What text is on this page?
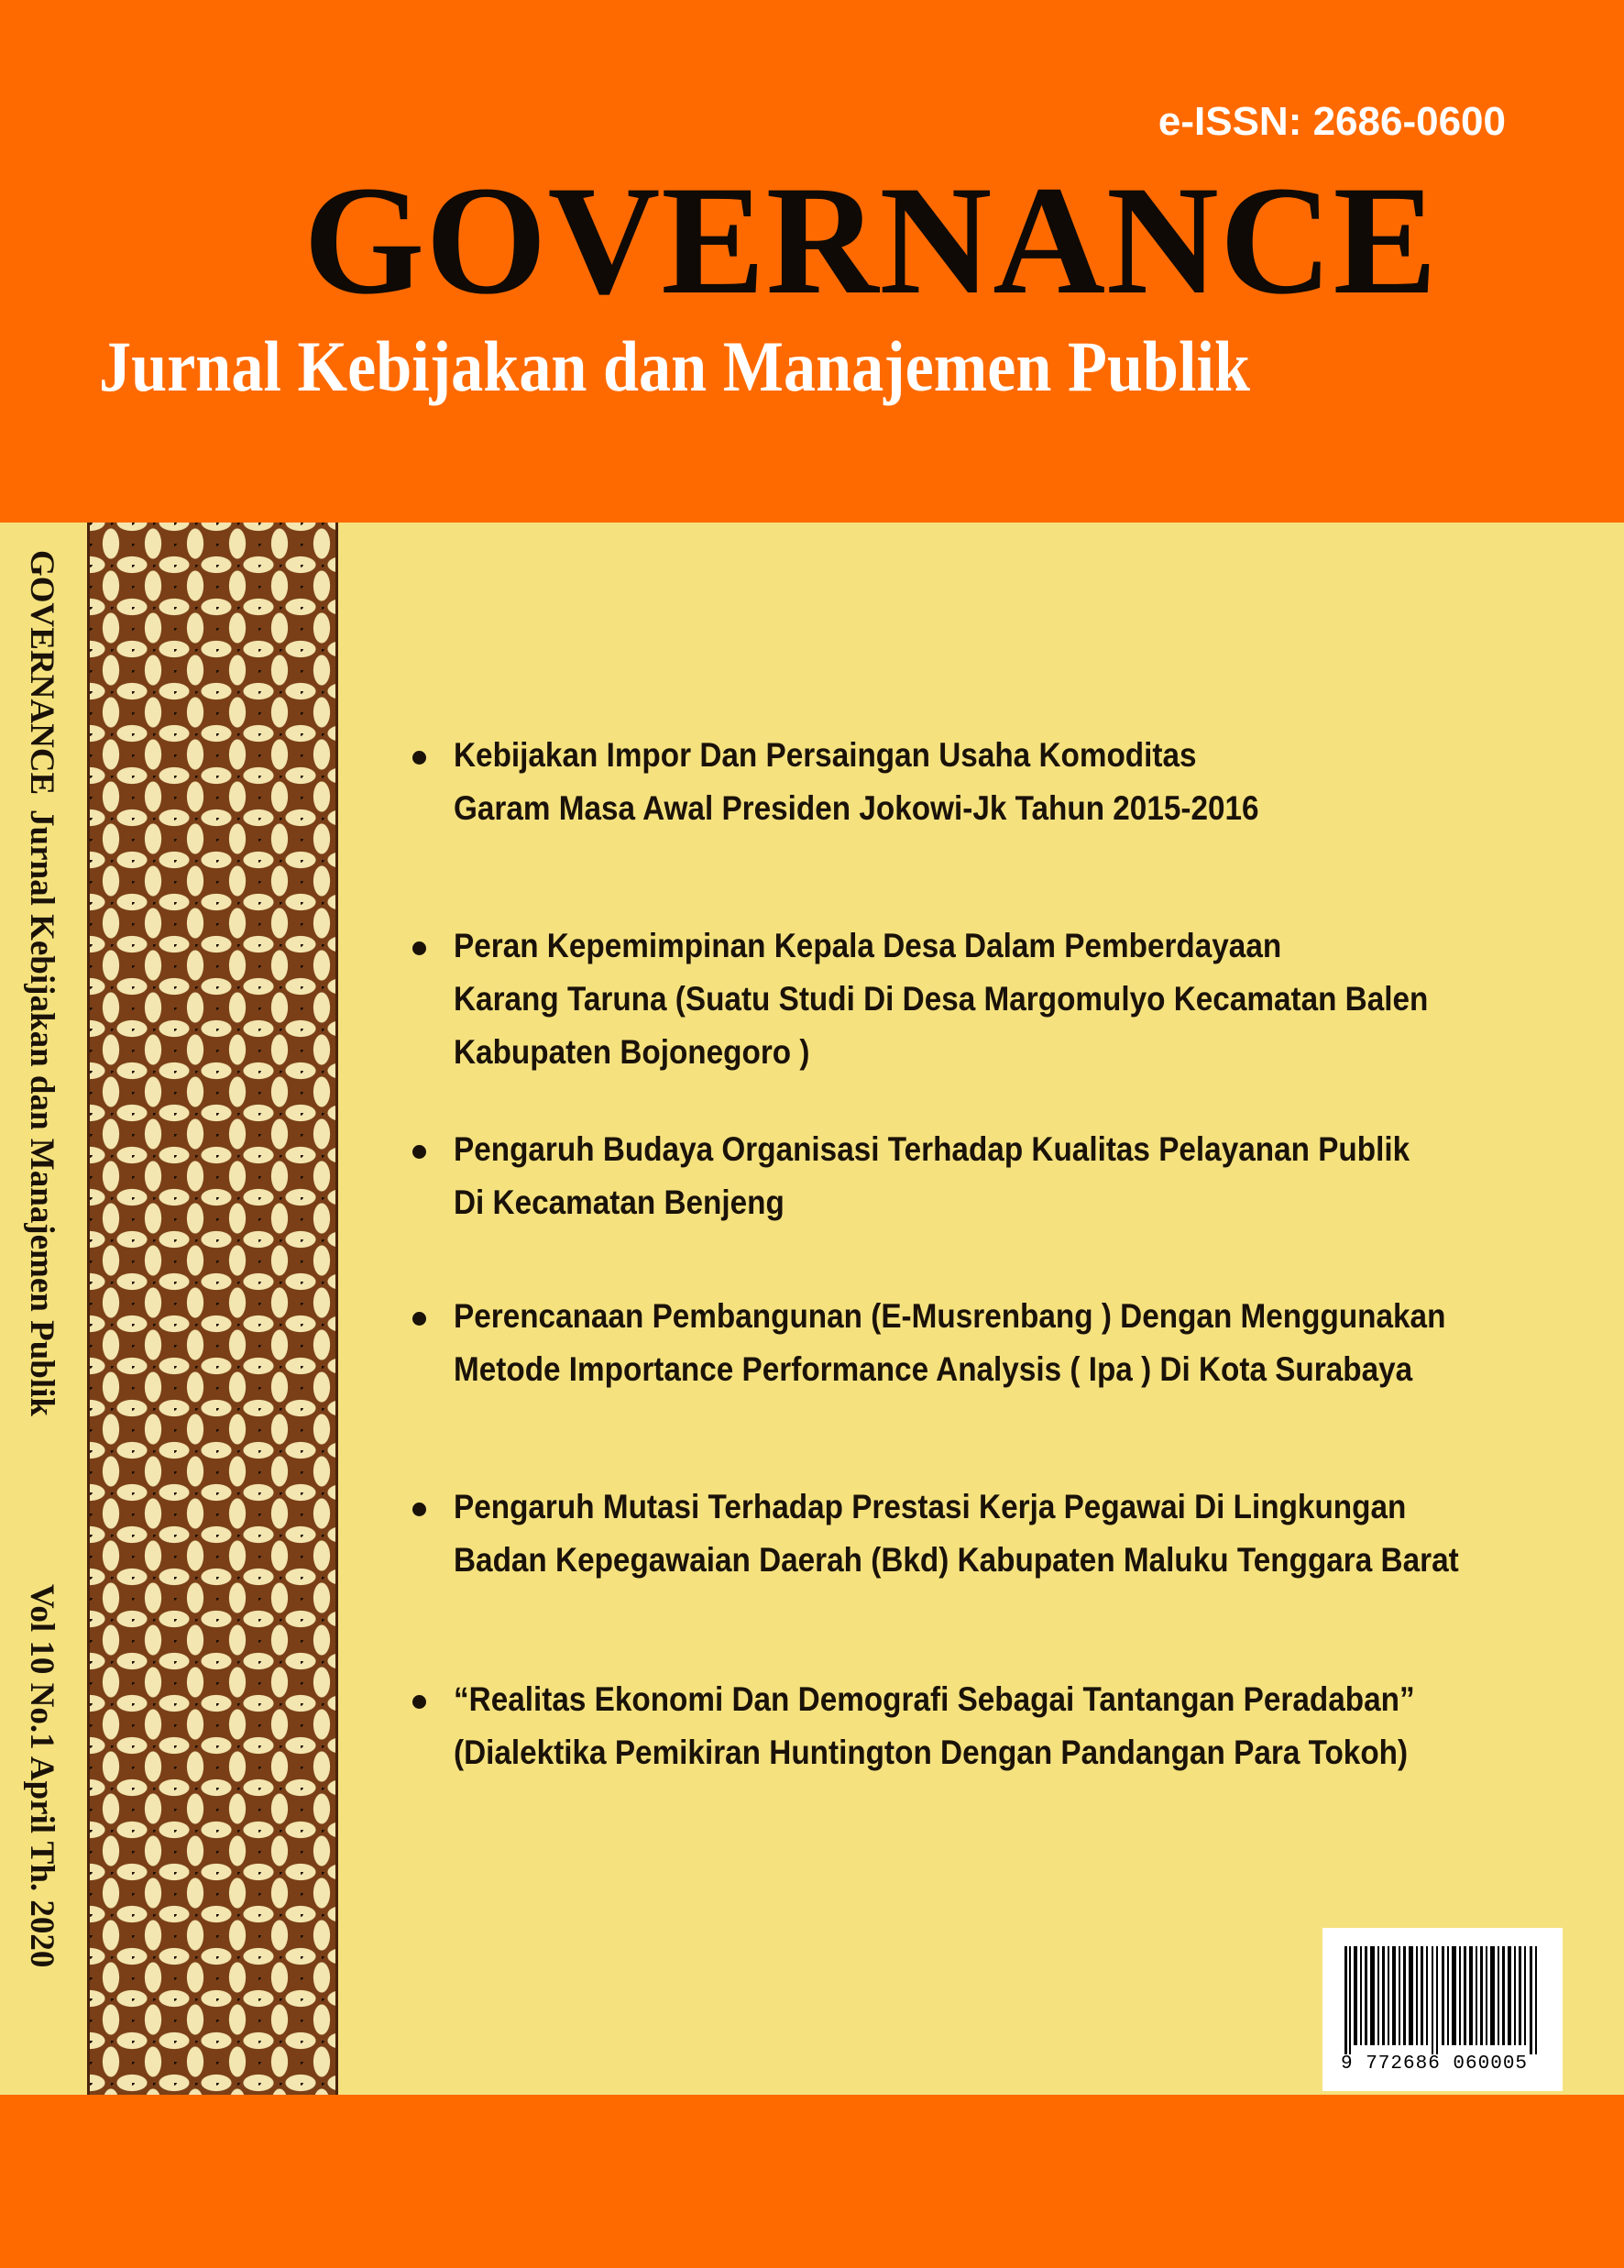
e-ISSN: 2686-0600
GOVERNANCE
Jurnal Kebijakan dan Manajemen Publik
GOVERNANCE
Jurnal Kebijakan dan Manajemen Publik
Vol 10 No.1 April Th. 2020
Kebijakan Impor Dan Persaingan Usaha Komoditas
Garam Masa Awal Presiden Jokowi-Jk Tahun 2015-2016
Peran Kepemimpinan Kepala Desa Dalam Pemberdayaan
Karang Taruna (Suatu Studi Di Desa Margomulyo Kecamatan Balen
Kabupaten Bojonegoro )
Pengaruh Budaya Organisasi Terhadap Kualitas Pelayanan Publik
Di Kecamatan Benjeng
Perencanaan Pembangunan (E-Musrenbang ) Dengan Menggunakan
Metode Importance Performance Analysis ( Ipa ) Di Kota Surabaya
Pengaruh Mutasi Terhadap Prestasi Kerja Pegawai Di Lingkungan
Badan Kepegawaian Daerah (Bkd) Kabupaten Maluku Tenggara Barat
“Realitas Ekonomi Dan Demografi Sebagai Tantangan Peradaban”
(Dialektika Pemikiran Huntington Dengan Pandangan Para Tokoh)
9 772686 060005
